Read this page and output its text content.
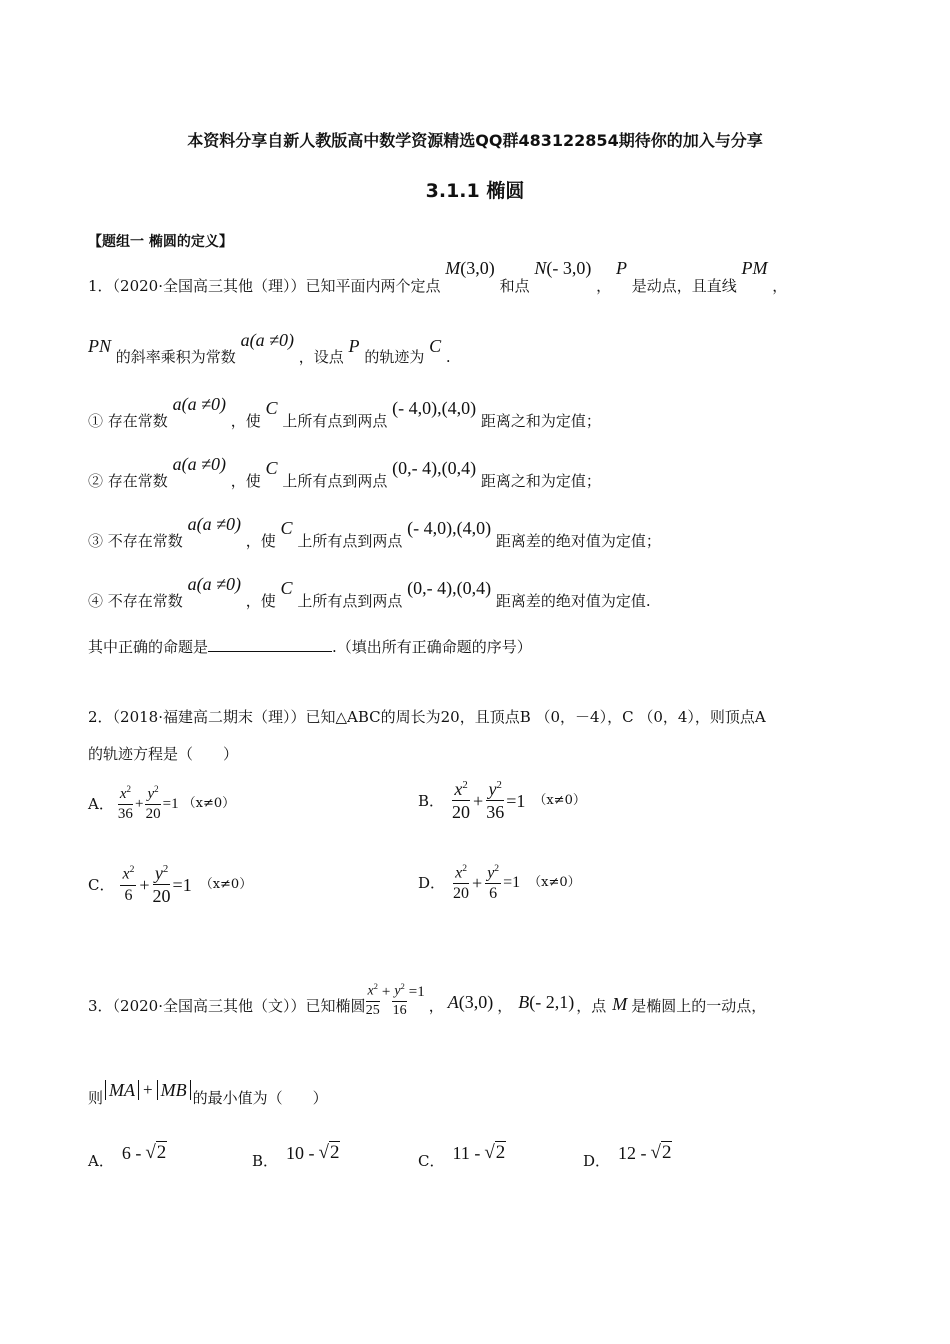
本资料分享自新人教版高中数学资源精选QQ群483122854期待你的加入与分享
3.1.1 椭圆
【题组一 椭圆的定义】
1．（2020·全国高三其他（理））已知平面内两个定点 M(3,0) 和点 N(- 3,0) ， P 是动点，且直线 PM ，
PN 的斜率乘积为常数 a(a ≠0) ，设点 P 的轨迹为 C .
① 存在常数 a(a ≠0) ，使 C 上所有点到两点 (- 4,0),(4,0) 距离之和为定值；
② 存在常数 a(a ≠0) ，使 C 上所有点到两点 (0,- 4),(0,4) 距离之和为定值；
③ 不存在常数 a(a ≠0) ，使 C 上所有点到两点 (- 4,0),(4,0) 距离差的绝对值为定值；
④ 不存在常数 a(a ≠0) ，使 C 上所有点到两点 (0,- 4),(0,4) 距离差的绝对值为定值.
其中正确的命题是	.（填出所有正确命题的序号）
2．（2018·福建高二期末（理））已知△ABC的周长为20，且顶点B （0，－4），C （0，4），则顶点A
的轨迹方程是（　　）
A． $\frac{x^2}{36} + \frac{y^2}{20} =1$ （x≠0）	B． $\frac{x^2}{20} + \frac{y^2}{36} =1$ （x≠0）
C． $\frac{x^2}{6} + \frac{y^2}{20} =1$ （x≠0）	D． $\frac{x^2}{20} + \frac{y^2}{6} =1$ （x≠0）
3．（2020·全国高三其他（文））已知椭圆 $\frac{x^2}{25} + \frac{y^2}{16} =1$
， A (3,0) ， B (- 2,1) ，点 M 是椭圆上的一动点，
则 MA + MB 的最小值为（　　）
A． 6 - √2	B． 10 - √2	C． 11 - √2	D． 12 - √2
